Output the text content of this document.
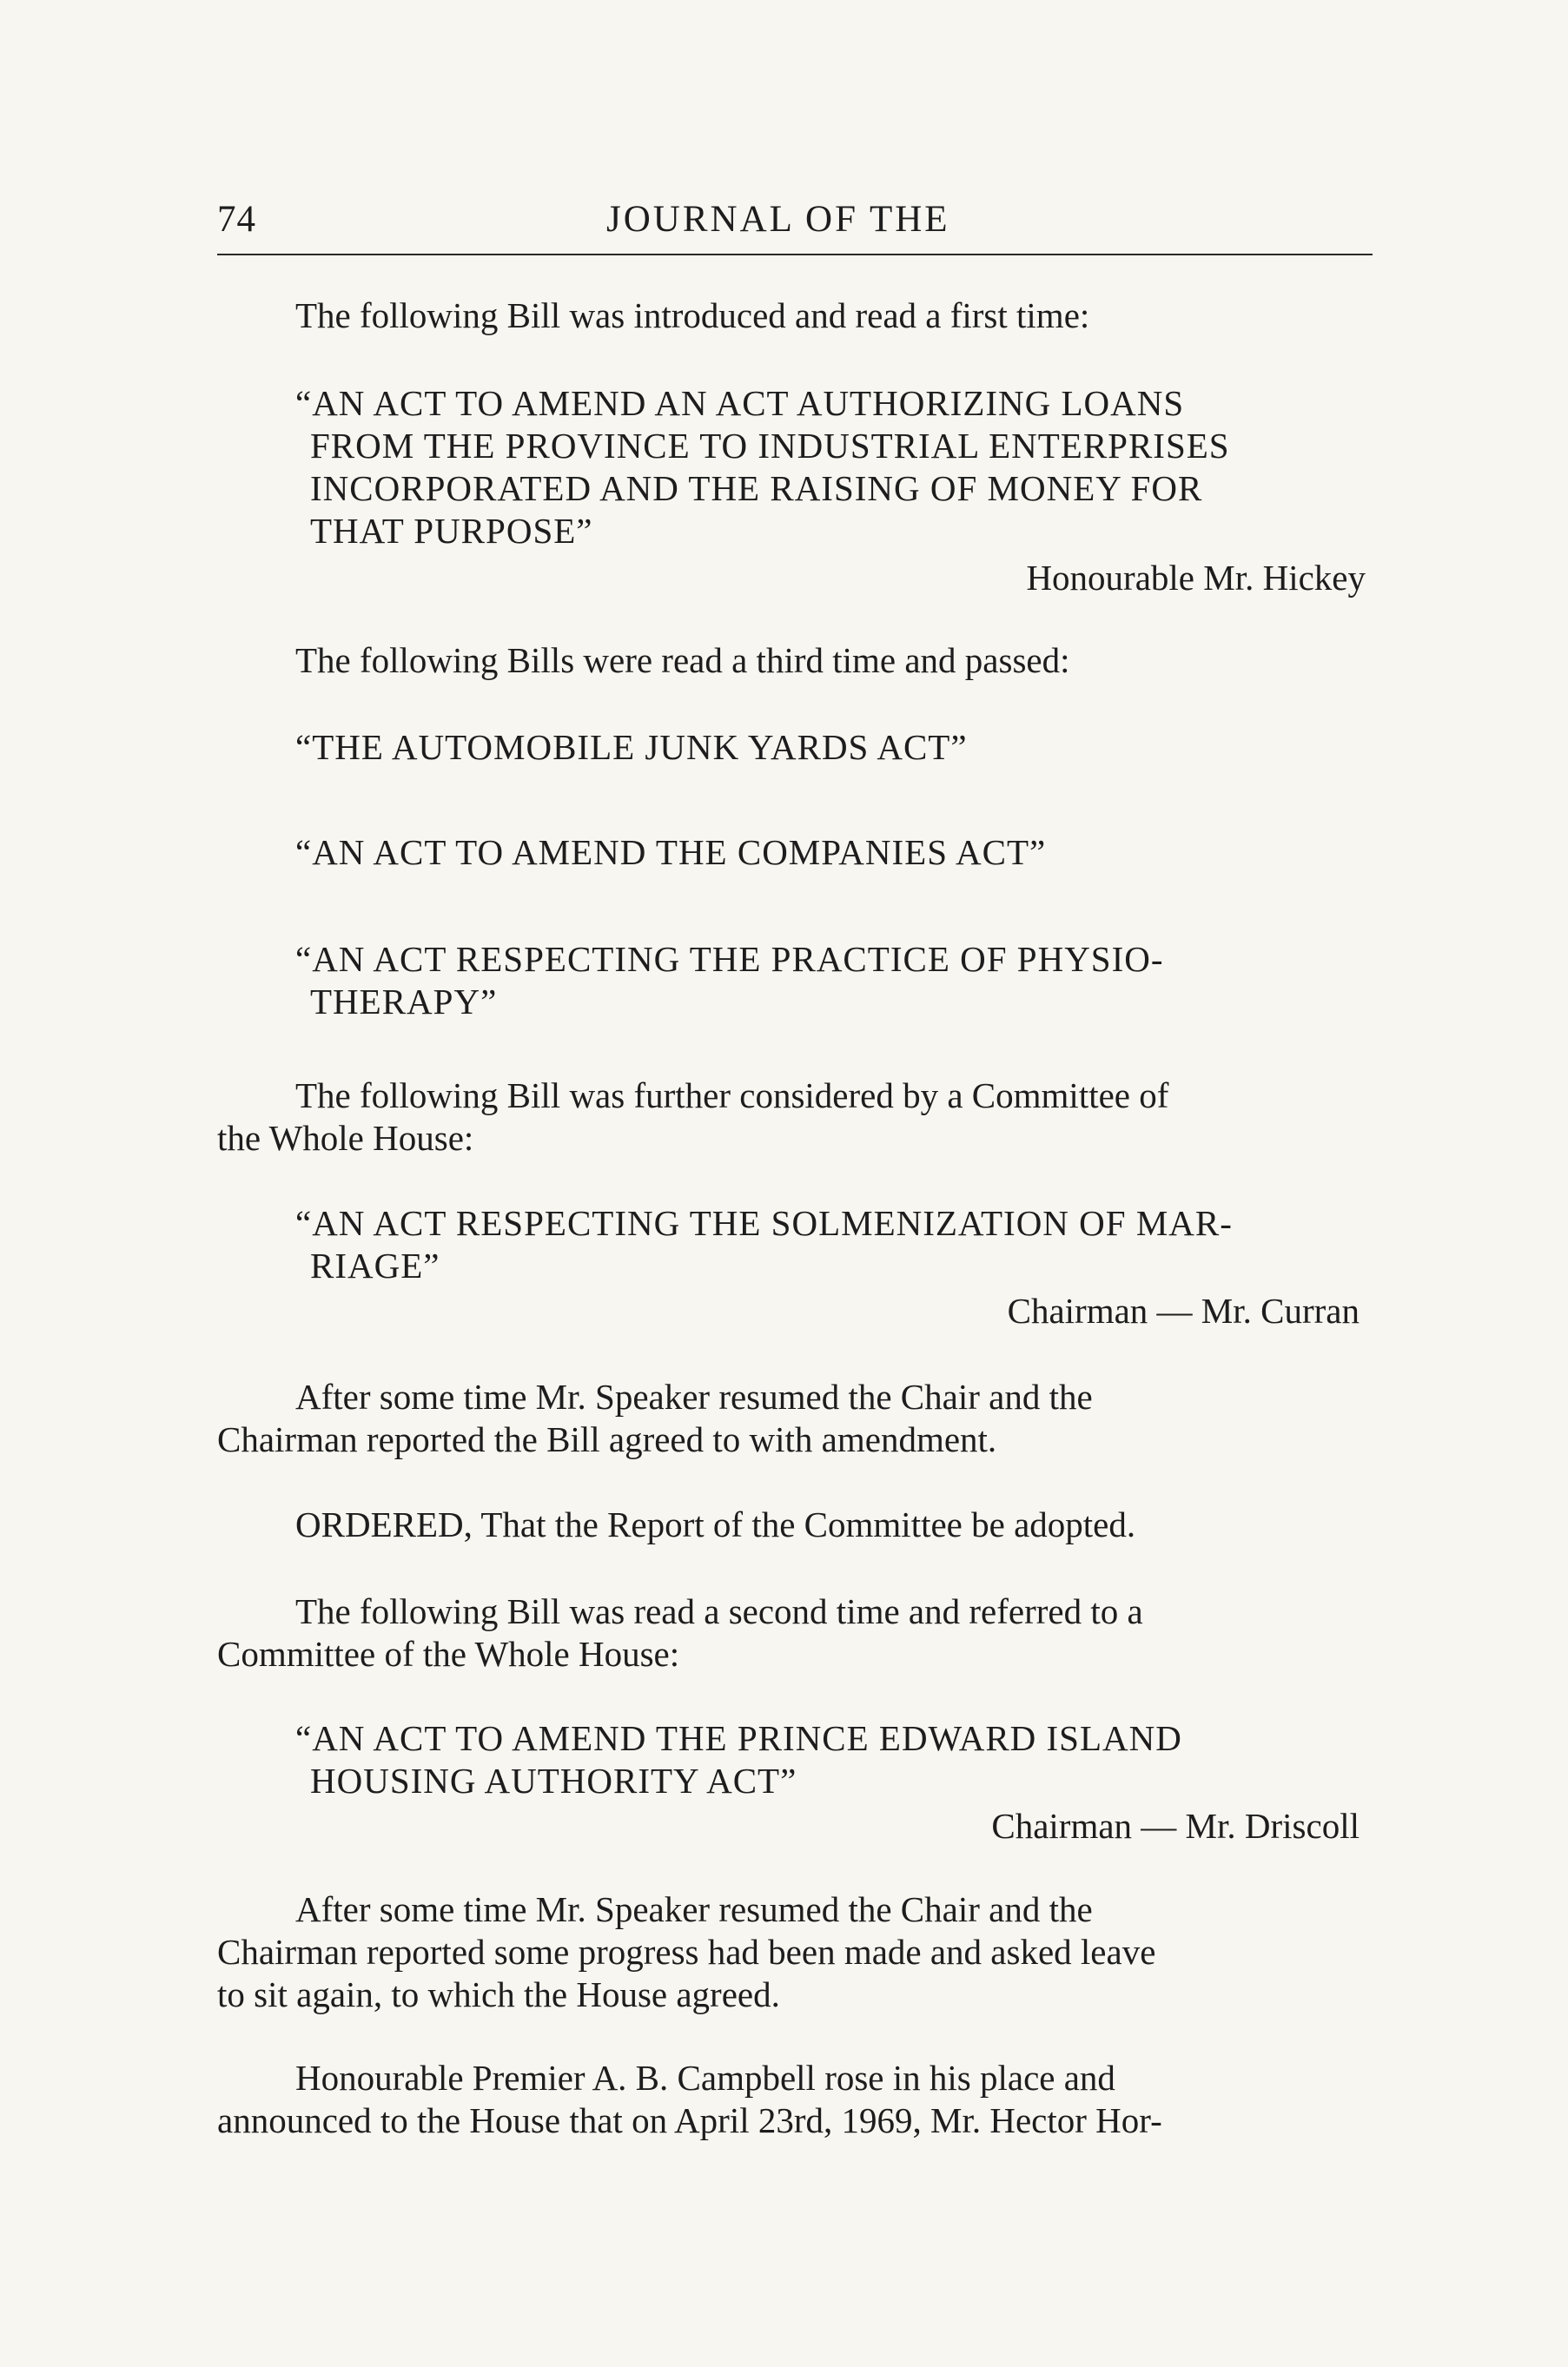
74	JOURNAL OF THE
The following Bill was introduced and read a first time:
“AN ACT TO AMEND AN ACT AUTHORIZING LOANS
FROM THE PROVINCE TO INDUSTRIAL ENTERPRISES
INCORPORATED AND THE RAISING OF MONEY FOR
THAT PURPOSE”
Honourable Mr. Hickey
The following Bills were read a third time and passed:
“THE AUTOMOBILE JUNK YARDS ACT”
“AN ACT TO AMEND THE COMPANIES ACT”
“AN ACT RESPECTING THE PRACTICE OF PHYSIO-
THERAPY”
The following Bill was further considered by a Committee of
the Whole House:
“AN ACT RESPECTING THE SOLMENIZATION OF MAR-
RIAGE”
Chairman — Mr. Curran
After some time Mr. Speaker resumed the Chair and the
Chairman reported the Bill agreed to with amendment.
ORDERED, That the Report of the Committee be adopted.
The following Bill was read a second time and referred to a
Committee of the Whole House:
“AN ACT TO AMEND THE PRINCE EDWARD ISLAND
HOUSING AUTHORITY ACT”
Chairman — Mr. Driscoll
After some time Mr. Speaker resumed the Chair and the
Chairman reported some progress had been made and asked leave
to sit again, to which the House agreed.
Honourable Premier A. B. Campbell rose in his place and
announced to the House that on April 23rd, 1969, Mr. Hector Hor-
